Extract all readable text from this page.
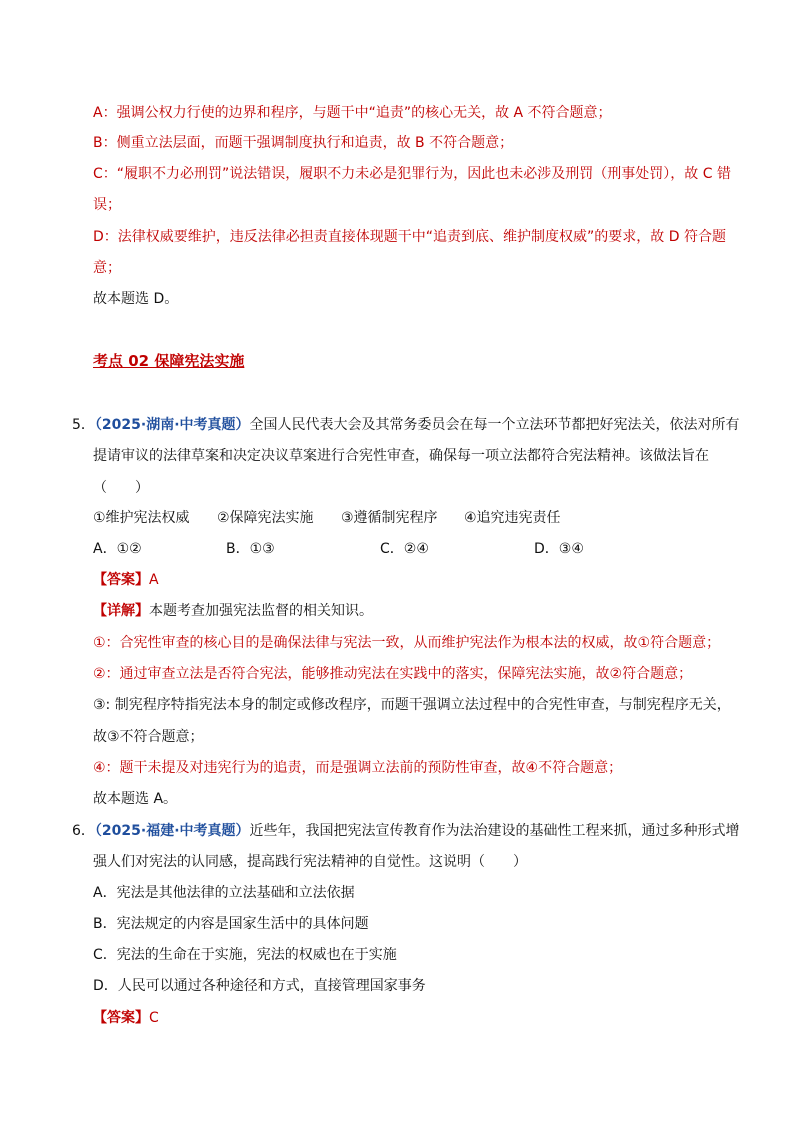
A：强调公权力行使的边界和程序，与题干中“追责”的核心无关，故 A 不符合题意；
B：侧重立法层面，而题干强调制度执行和追责，故 B 不符合题意；
C：“履职不力必刑罚”说法错误，履职不力未必是犯罪行为，因此也未必涉及刑罚（刑事处罚），故 C 错
误；
D：法律权威要维护，违反法律必担责直接体现题干中“追责到底、维护制度权威”的要求，故 D 符合题
意；
故本题选 D。
考点 02 保障宪法实施
5．（2025·湖南·中考真题）全国人民代表大会及其常务委员会在每一个立法环节都把好宪法关，依法对所有
提请审议的法律草案和决定决议草案进行合宪性审查，确保每一项立法都符合宪法精神。该做法旨在
（　　）
①维护宪法权威 ②保障宪法实施 ③遵循制宪程序 ④追究违宪责任
A．①②	B．①③	C．②④	D．③④
【答案】A
【详解】本题考查加强宪法监督的相关知识。
①：合宪性审查的核心目的是确保法律与宪法一致，从而维护宪法作为根本法的权威，故①符合题意；
②：通过审查立法是否符合宪法，能够推动宪法在实践中的落实，保障宪法实施，故②符合题意；
③: 制宪程序特指宪法本身的制定或修改程序，而题干强调立法过程中的合宪性审查，与制宪程序无关，
故③不符合题意；
④：题干未提及对违宪行为的追责，而是强调立法前的预防性审查，故④不符合题意；
故本题选 A。
6．（2025·福建·中考真题）近些年，我国把宪法宣传教育作为法治建设的基础性工程来抓，通过多种形式增
强人们对宪法的认同感，提高践行宪法精神的自觉性。这说明（　　）
A．宪法是其他法律的立法基础和立法依据
B．宪法规定的内容是国家生活中的具体问题
C．宪法的生命在于实施，宪法的权威也在于实施
D．人民可以通过各种途径和方式，直接管理国家事务
【答案】C
